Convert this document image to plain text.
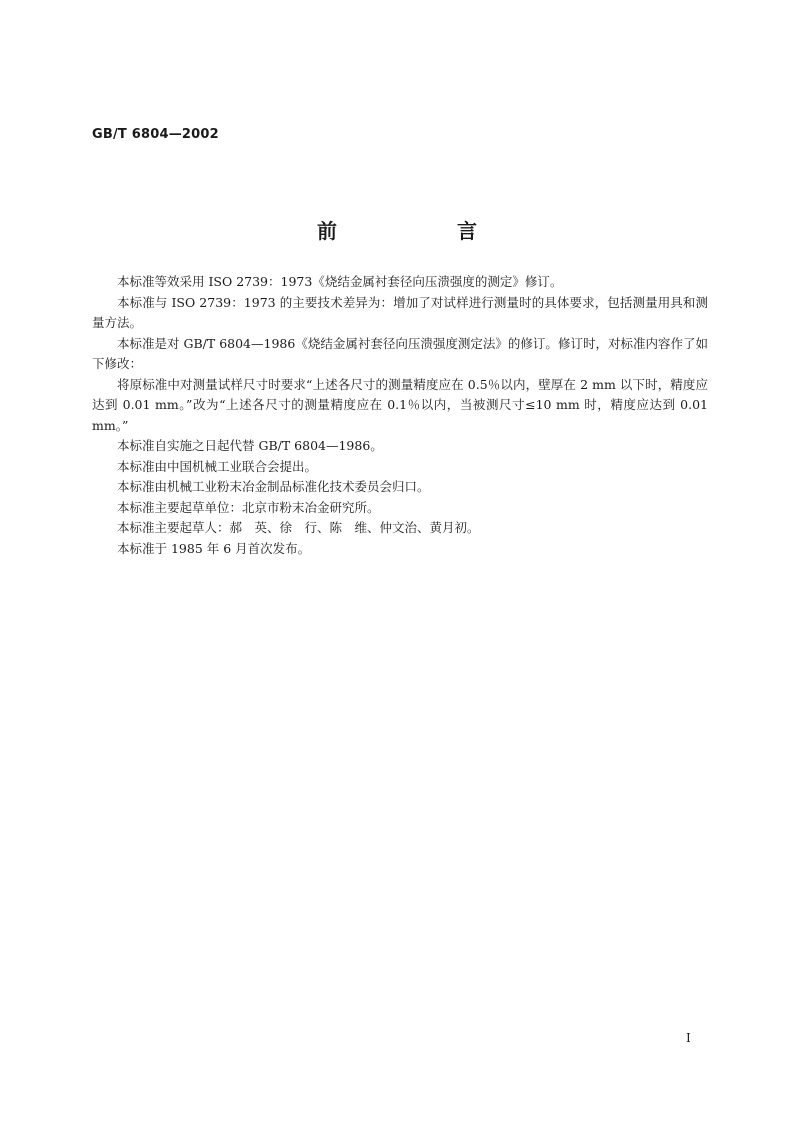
GB/T 6804—2002
前　言

本标准等效采用 ISO 2739：1973《烧结金属衬套径向压溃强度的测定》修订。

本标准与 ISO 2739：1973 的主要技术差异为：增加了对试样进行测量时的具体要求，包括测量用具和测量方法。

本标准是对 GB/T 6804—1986《烧结金属衬套径向压溃强度测定法》的修订。修订时，对标准内容作了如下修改：

将原标准中对测量试样尺寸时要求“上述各尺寸的测量精度应在 0.5％以内，壁厚在 2 mm 以下时，精度应达到 0.01 mm。”改为“上述各尺寸的测量精度应在 0.1％以内，当被测尺寸≤10 mm 时，精度应达到 0.01 mm。”

本标准自实施之日起代替 GB/T 6804—1986。

本标准由中国机械工业联合会提出。

本标准由机械工业粉末冶金制品标准化技术委员会归口。

本标准主要起草单位：北京市粉末冶金研究所。

本标准主要起草人：郝　英、徐　行、陈　维、仲文治、黄月初。

本标准于 1985 年 6 月首次发布。

I
